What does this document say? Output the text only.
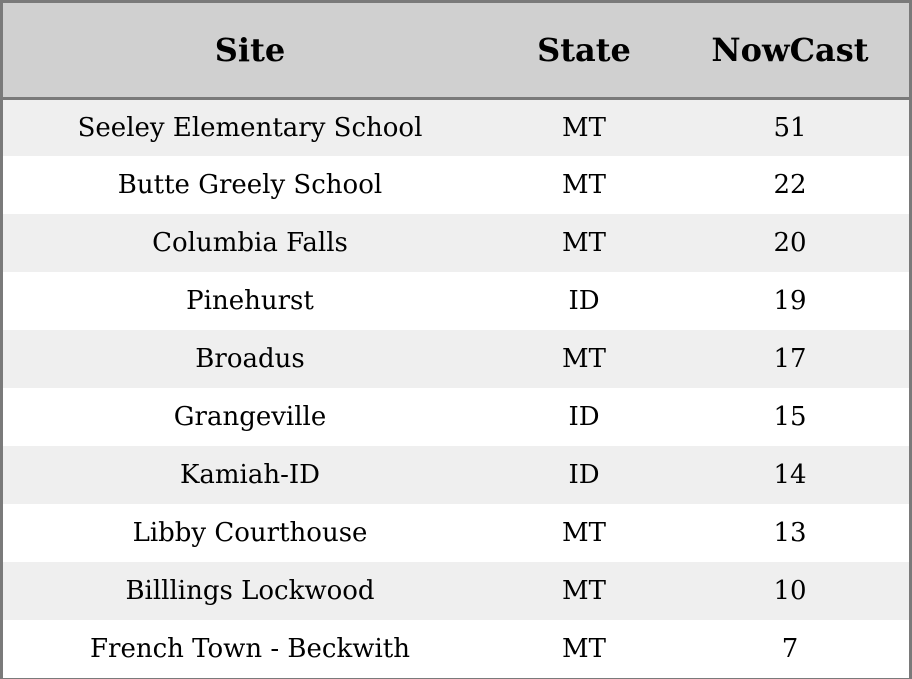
Site	State	NowCast
Seeley Elementary School	MT	51
Butte Greely School	MT	22
Columbia Falls	MT	20
Pinehurst	ID	19
Broadus	MT	17
Grangeville	ID	15
Kamiah-ID	ID	14
Libby Courthouse	MT	13
Billlings Lockwood	MT	10
French Town - Beckwith	MT	7
